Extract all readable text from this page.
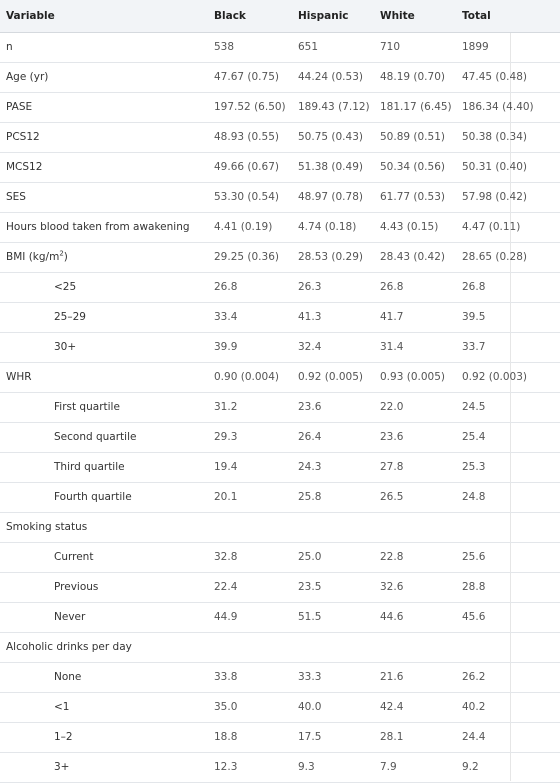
Variable	Black	Hispanic	White	Total
n	538	651	710	1899
Age (yr)	47.67 (0.75)	44.24 (0.53)	48.19 (0.70)	47.45 (0.48)
PASE	197.52 (6.50)	189.43 (7.12)	181.17 (6.45)	186.34 (4.40)
PCS12	48.93 (0.55)	50.75 (0.43)	50.89 (0.51)	50.38 (0.34)
MCS12	49.66 (0.67)	51.38 (0.49)	50.34 (0.56)	50.31 (0.40)
SES	53.30 (0.54)	48.97 (0.78)	61.77 (0.53)	57.98 (0.42)
Hours blood taken from awakening	4.41 (0.19)	4.74 (0.18)	4.43 (0.15)	4.47 (0.11)
BMI $(kg/m^2)$	29.25 (0.36)	28.53 (0.29)	28.43 (0.42)	28.65 (0.28)
<25	26.8	26.3	26.8	26.8
25–29	33.4	41.3	41.7	39.5
30+	39.9	32.4	31.4	33.7
WHR	0.90 (0.004)	0.92 (0.005)	0.93 (0.005)	0.92 (0.003)
First quartile	31.2	23.6	22.0	24.5
Second quartile	29.3	26.4	23.6	25.4
Third quartile	19.4	24.3	27.8	25.3
Fourth quartile	20.1	25.8	26.5	24.8
Smoking status				
Current	32.8	25.0	22.8	25.6
Previous	22.4	23.5	32.6	28.8
Never	44.9	51.5	44.6	45.6
Alcoholic drinks per day				
None	33.8	33.3	21.6	26.2
<1	35.0	40.0	42.4	40.2
1–2	18.8	17.5	28.1	24.4
3+	12.3	9.3	7.9	9.2
